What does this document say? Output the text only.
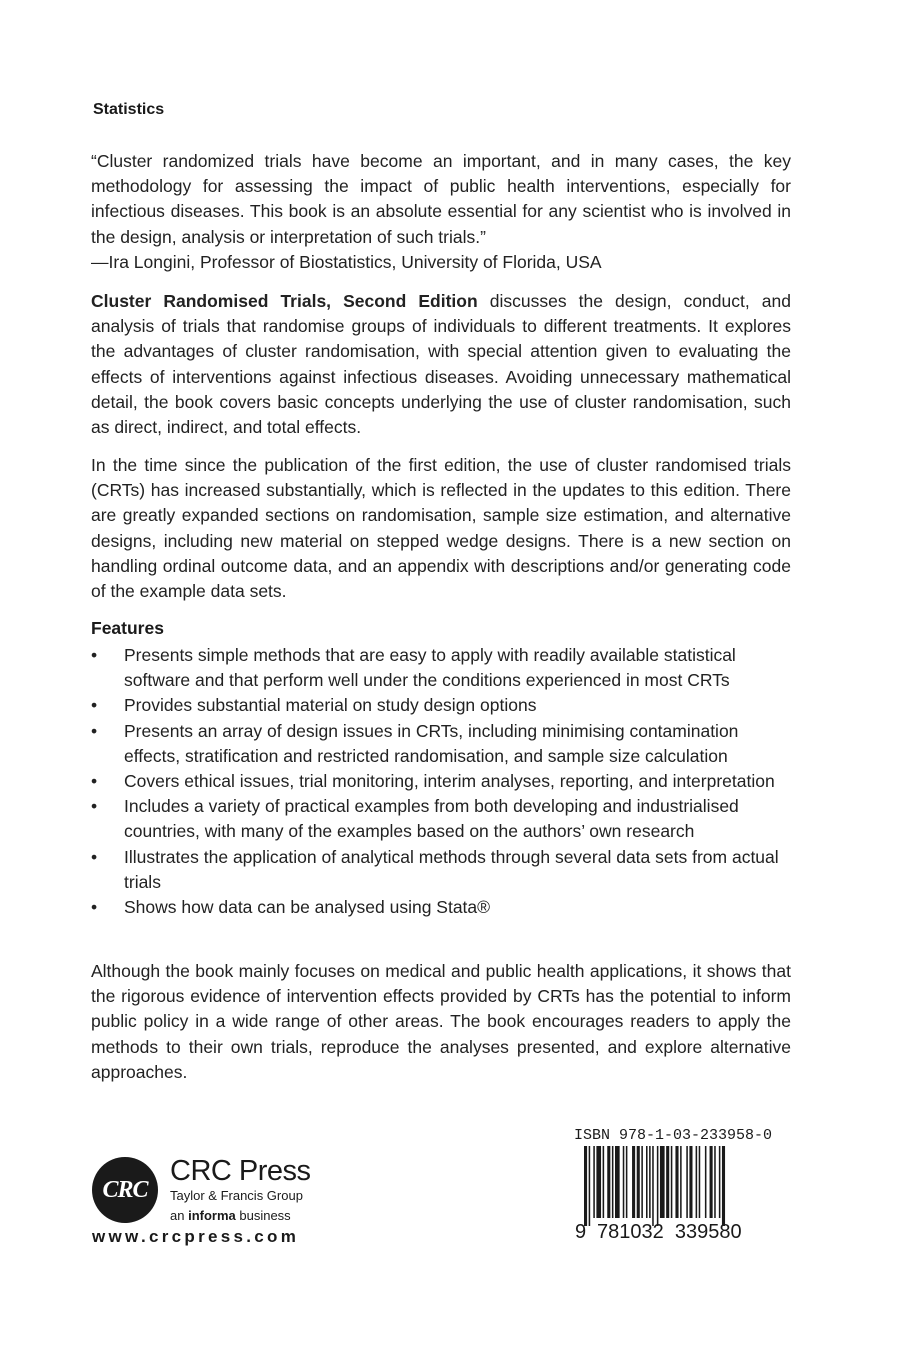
Statistics

“Cluster randomized trials have become an important, and in many cases, the key methodology for assessing the impact of public health interventions, especially for infectious diseases. This book is an absolute essential for any scientist who is involved in the design, analysis or interpretation of such trials.”

—Ira Longini, Professor of Biostatistics, University of Florida, USA

Cluster Randomised Trials, Second Edition discusses the design, conduct, and analysis of trials that randomise groups of individuals to different treatments. It explores the advantages of cluster randomisation, with special attention given to evaluating the effects of interventions against infectious diseases. Avoiding unnecessary mathematical detail, the book covers basic concepts underlying the use of cluster randomisation, such as direct, indirect, and total effects.

In the time since the publication of the first edition, the use of cluster randomised trials (CRTs) has increased substantially, which is reflected in the updates to this edition. There are greatly expanded sections on randomisation, sample size estimation, and alternative designs, including new material on stepped wedge designs. There is a new section on handling ordinal outcome data, and an appendix with descriptions and/or generating code of the example data sets.

Features
• Presents simple methods that are easy to apply with readily available statistical software and that perform well under the conditions experienced in most CRTs
• Provides substantial material on study design options
• Presents an array of design issues in CRTs, including minimising contamination effects, stratification and restricted randomisation, and sample size calculation
• Covers ethical issues, trial monitoring, interim analyses, reporting, and interpretation
• Includes a variety of practical examples from both developing and industrialised countries, with many of the examples based on the authors’ own research
• Illustrates the application of analytical methods through several data sets from actual trials
• Shows how data can be analysed using Stata®

Although the book mainly focuses on medical and public health applications, it shows that the rigorous evidence of intervention effects provided by CRTs has the potential to inform public policy in a wide range of other areas. The book encourages readers to apply the methods to their own trials, reproduce the analyses presented, and explore alternative approaches.

CRC
CRC Press
Taylor & Francis Group
an informa business
www.crcpress.com
ISBN 978-1-03-233958-0
9 781032 339580
